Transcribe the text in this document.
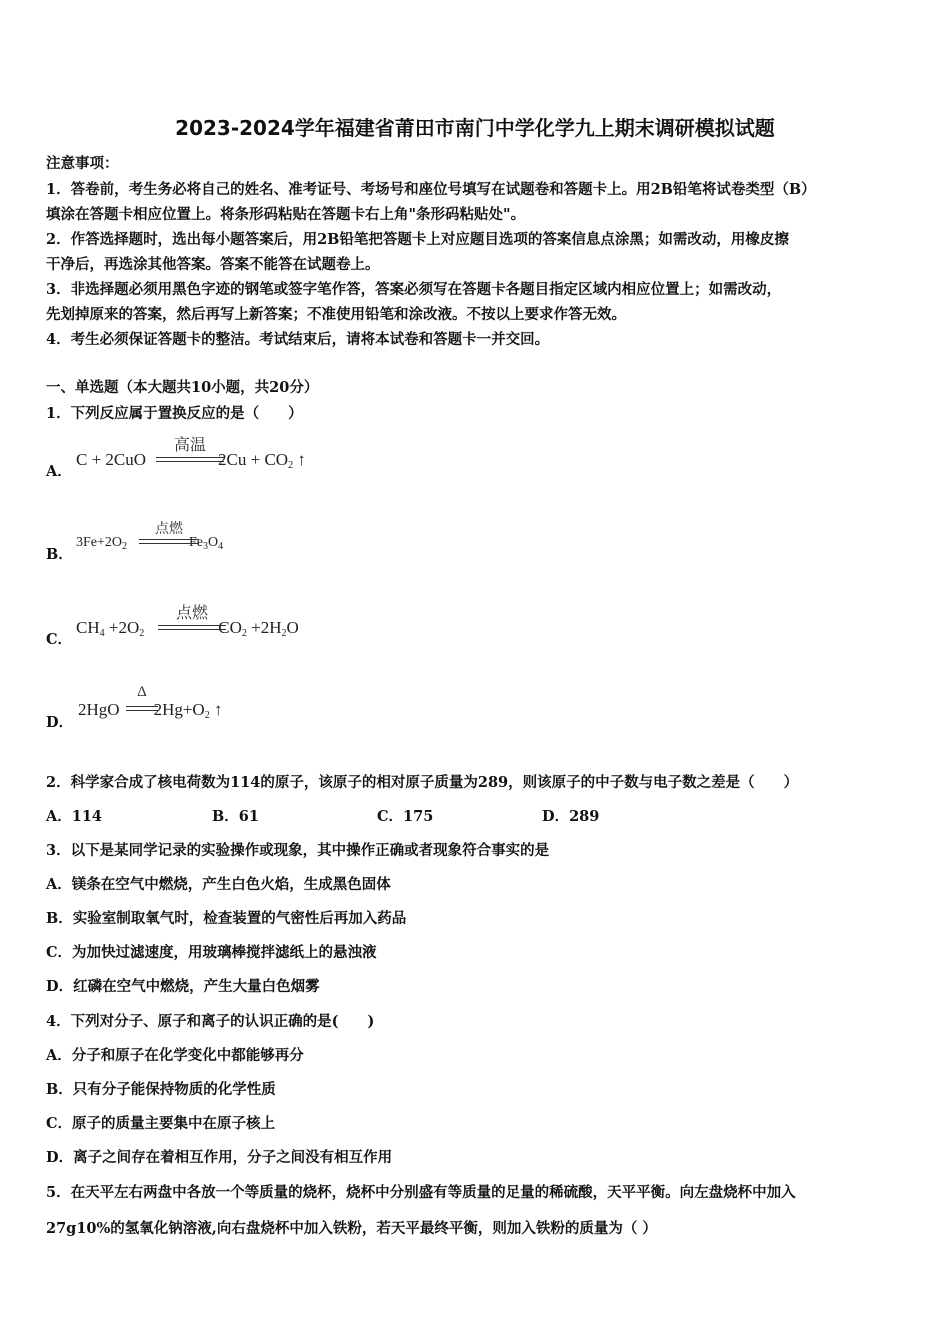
2023-2024学年福建省莆田市南门中学化学九上期末调研模拟试题
注意事项：
1．答卷前，考生务必将自己的姓名、准考证号、考场号和座位号填写在试题卷和答题卡上。用2B铅笔将试卷类型（B）
填涂在答题卡相应位置上。将条形码粘贴在答题卡右上角"条形码粘贴处"。
2．作答选择题时，选出每小题答案后，用2B铅笔把答题卡上对应题目选项的答案信息点涂黑；如需改动，用橡皮擦
干净后，再选涂其他答案。答案不能答在试题卷上。
3．非选择题必须用黑色字迹的钢笔或签字笔作答，答案必须写在答题卡各题目指定区域内相应位置上；如需改动，
先划掉原来的答案，然后再写上新答案；不准使用铅笔和涂改液。不按以上要求作答无效。
4．考生必须保证答题卡的整洁。考试结束后，请将本试卷和答题卡一并交回。
一、单选题（本大题共10小题，共20分）
1．下列反应属于置换反应的是（　　）
A．
C + 2CuO	$2Cu + CO_2$ ↑
高温
B．
$3Fe+2O_2$	$Fe_3O_4$
点燃
C．
$CH_4 +2O_2$	$CO_2 +2H_2O$
点燃
D．
2HgO $2Hg+O_2$ ↑
Δ
2．科学家合成了核电荷数为114的原子，该原子的相对原子质量为289，则该原子的中子数与电子数之差是（　　）
A．114	B．61	C．175	D．289
3．以下是某同学记录的实验操作或现象，其中操作正确或者现象符合事实的是
A．镁条在空气中燃烧，产生白色火焰，生成黑色固体
B．实验室制取氧气时，检查装置的气密性后再加入药品
C．为加快过滤速度，用玻璃棒搅拌滤纸上的悬浊液
D．红磷在空气中燃烧，产生大量白色烟雾
4．下列对分子、原子和离子的认识正确的是(　　)
A．分子和原子在化学变化中都能够再分
B．只有分子能保持物质的化学性质
C．原子的质量主要集中在原子核上
D．离子之间存在着相互作用，分子之间没有相互作用
5．在天平左右两盘中各放一个等质量的烧杯，烧杯中分别盛有等质量的足量的稀硫酸，天平平衡。向左盘烧杯中加入
27g10%的氢氧化钠溶液,向右盘烧杯中加入铁粉，若天平最终平衡，则加入铁粉的质量为（ ）
